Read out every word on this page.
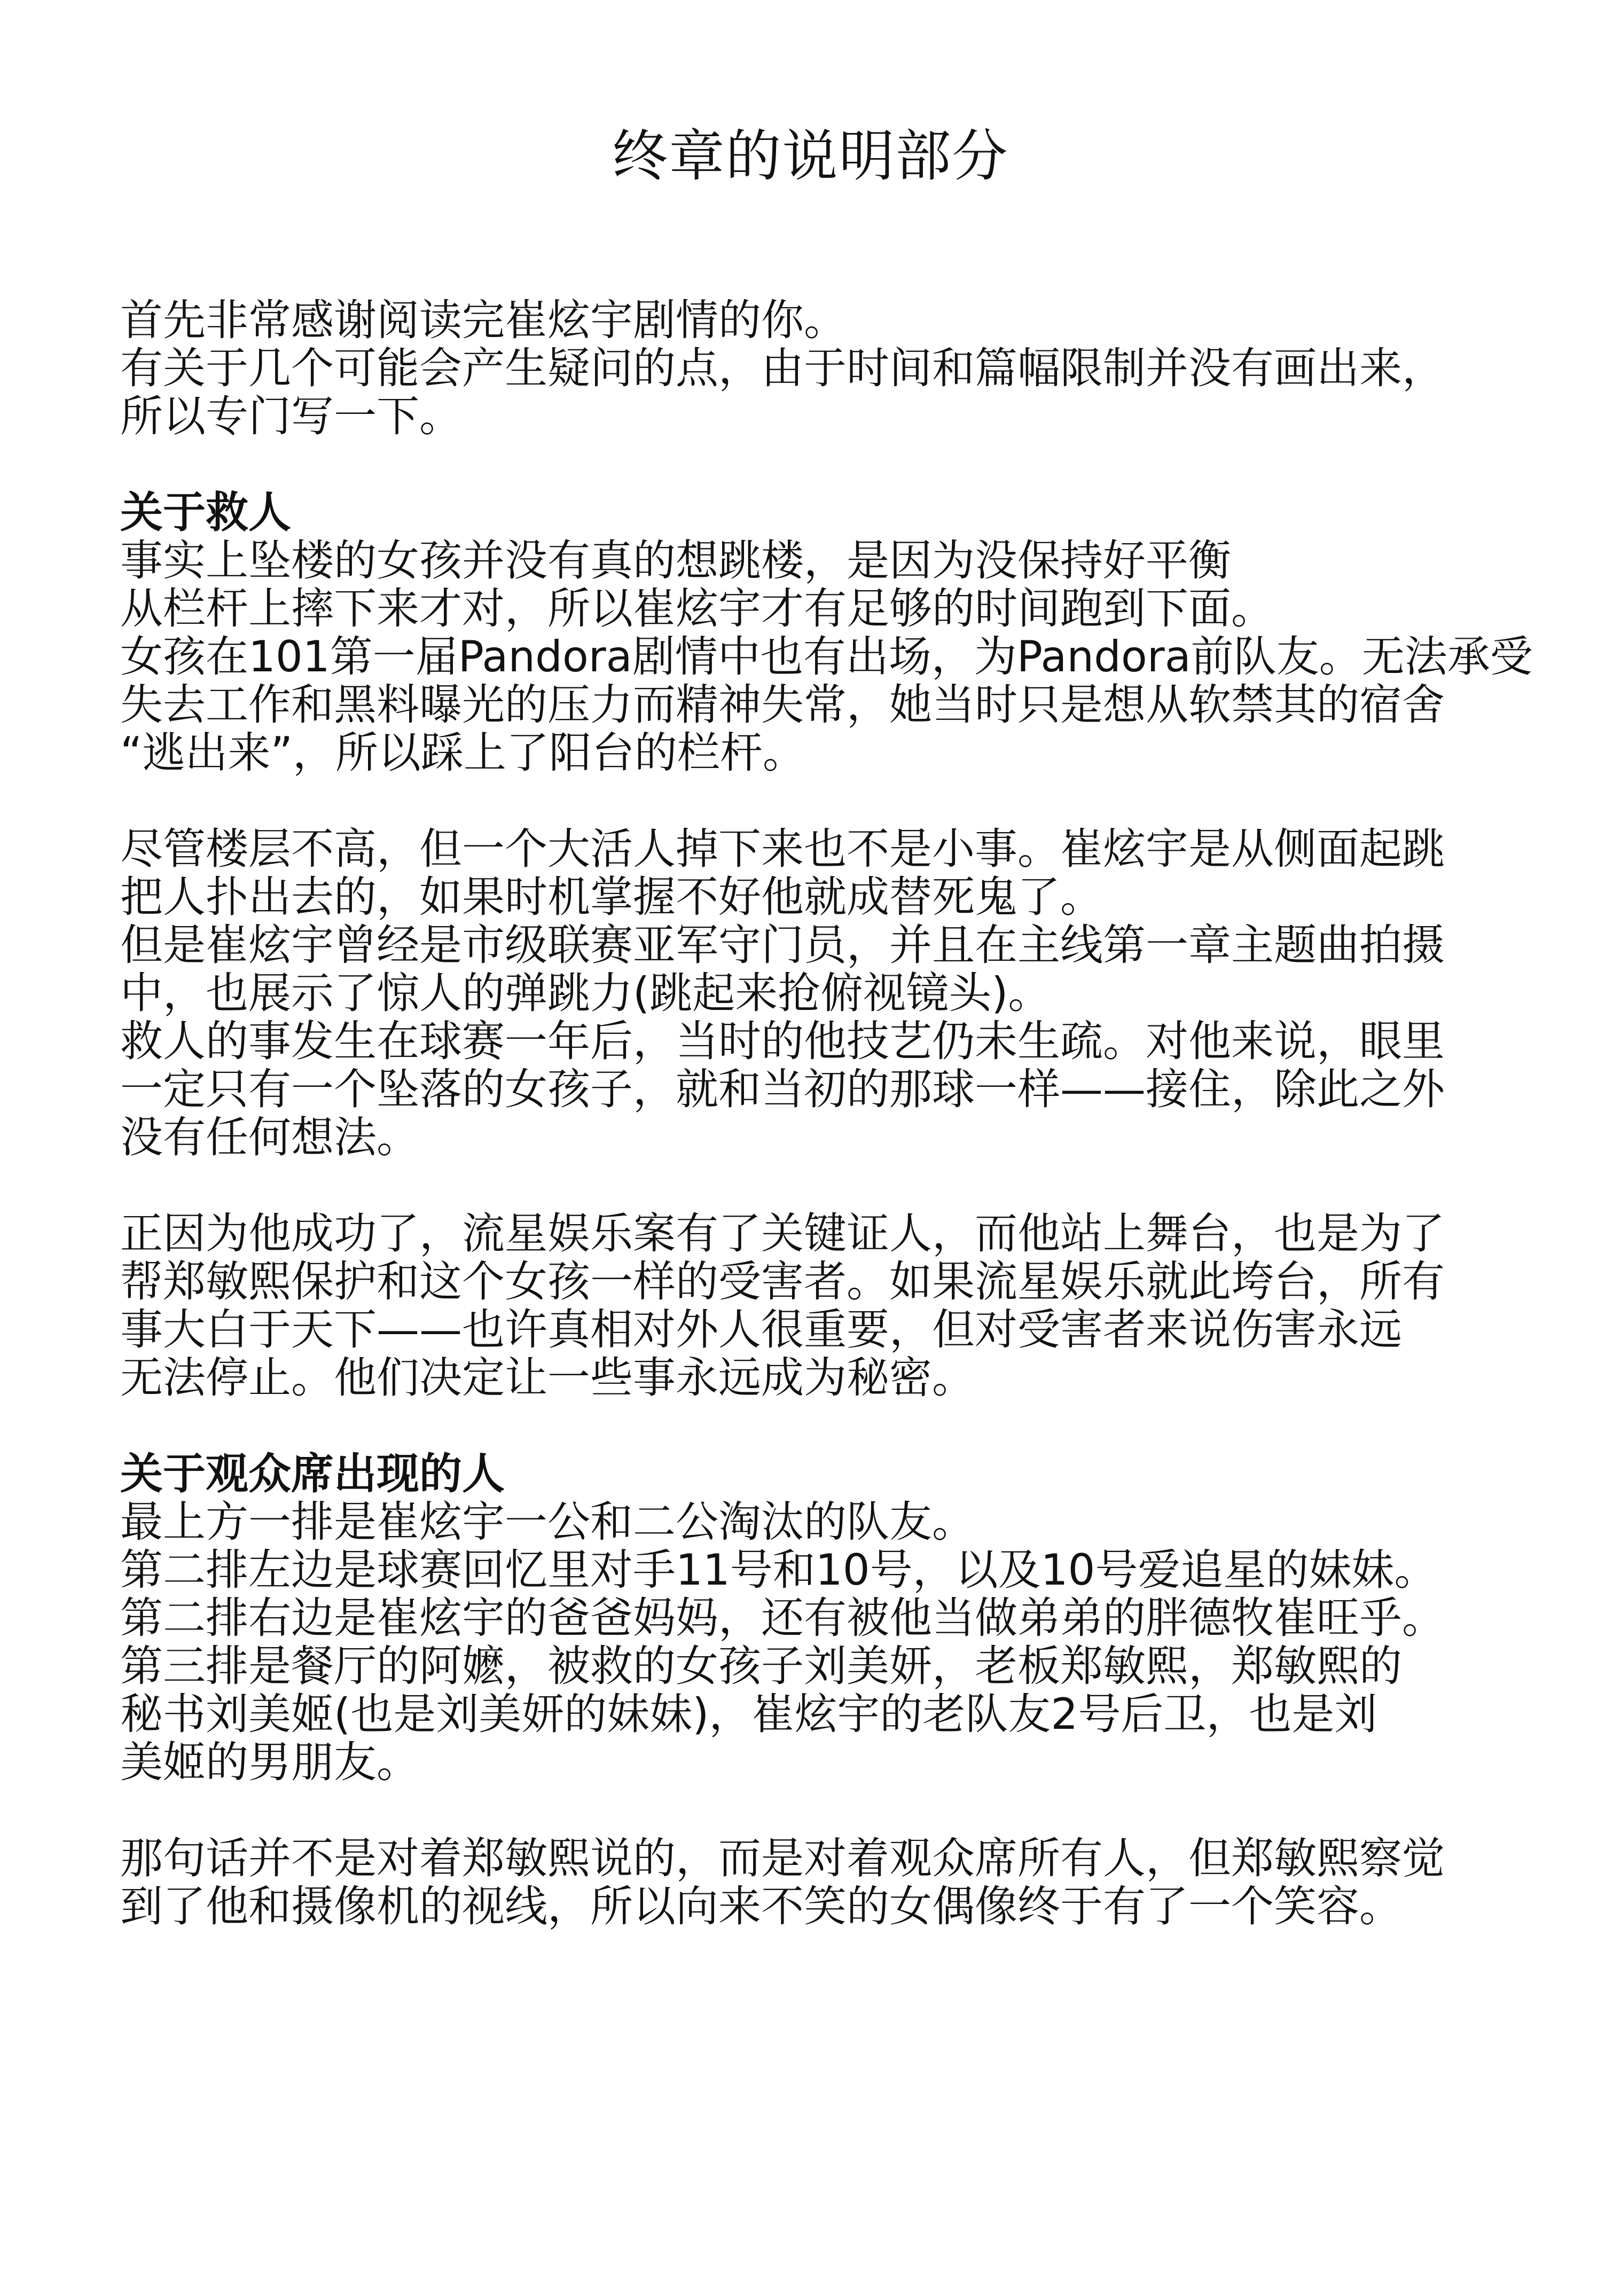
终章的说明部分
首先非常感谢阅读完崔炫宇剧情的你。
有关于几个可能会产生疑问的点，由于时间和篇幅限制并没有画出来，
所以专门写一下。
关于救人
事实上坠楼的女孩并没有真的想跳楼，是因为没保持好平衡
从栏杆上摔下来才对，所以崔炫宇才有足够的时间跑到下面。
女孩在101第一届Pandora剧情中也有出场，为Pandora前队友。无法承受
失去工作和黑料曝光的压力而精神失常，她当时只是想从软禁其的宿舍
“逃出来”，所以踩上了阳台的栏杆。
尽管楼层不高，但一个大活人掉下来也不是小事。崔炫宇是从侧面起跳
把人扑出去的，如果时机掌握不好他就成替死鬼了。
但是崔炫宇曾经是市级联赛亚军守门员，并且在主线第一章主题曲拍摄
中，也展示了惊人的弹跳力(跳起来抢俯视镜头)。
救人的事发生在球赛一年后，当时的他技艺仍未生疏。对他来说，眼里
一定只有一个坠落的女孩子，就和当初的那球一样——接住，除此之外
没有任何想法。
正因为他成功了，流星娱乐案有了关键证人，而他站上舞台，也是为了
帮郑敏熙保护和这个女孩一样的受害者。如果流星娱乐就此垮台，所有
事大白于天下——也许真相对外人很重要，但对受害者来说伤害永远
无法停止。他们决定让一些事永远成为秘密。
关于观众席出现的人
最上方一排是崔炫宇一公和二公淘汰的队友。
第二排左边是球赛回忆里对手11号和10号，以及10号爱追星的妹妹。
第二排右边是崔炫宇的爸爸妈妈，还有被他当做弟弟的胖德牧崔旺乎。
第三排是餐厅的阿嬷，被救的女孩子刘美妍，老板郑敏熙，郑敏熙的
秘书刘美姬(也是刘美妍的妹妹)，崔炫宇的老队友2号后卫，也是刘
美姬的男朋友。
那句话并不是对着郑敏熙说的，而是对着观众席所有人，但郑敏熙察觉
到了他和摄像机的视线，所以向来不笑的女偶像终于有了一个笑容。
